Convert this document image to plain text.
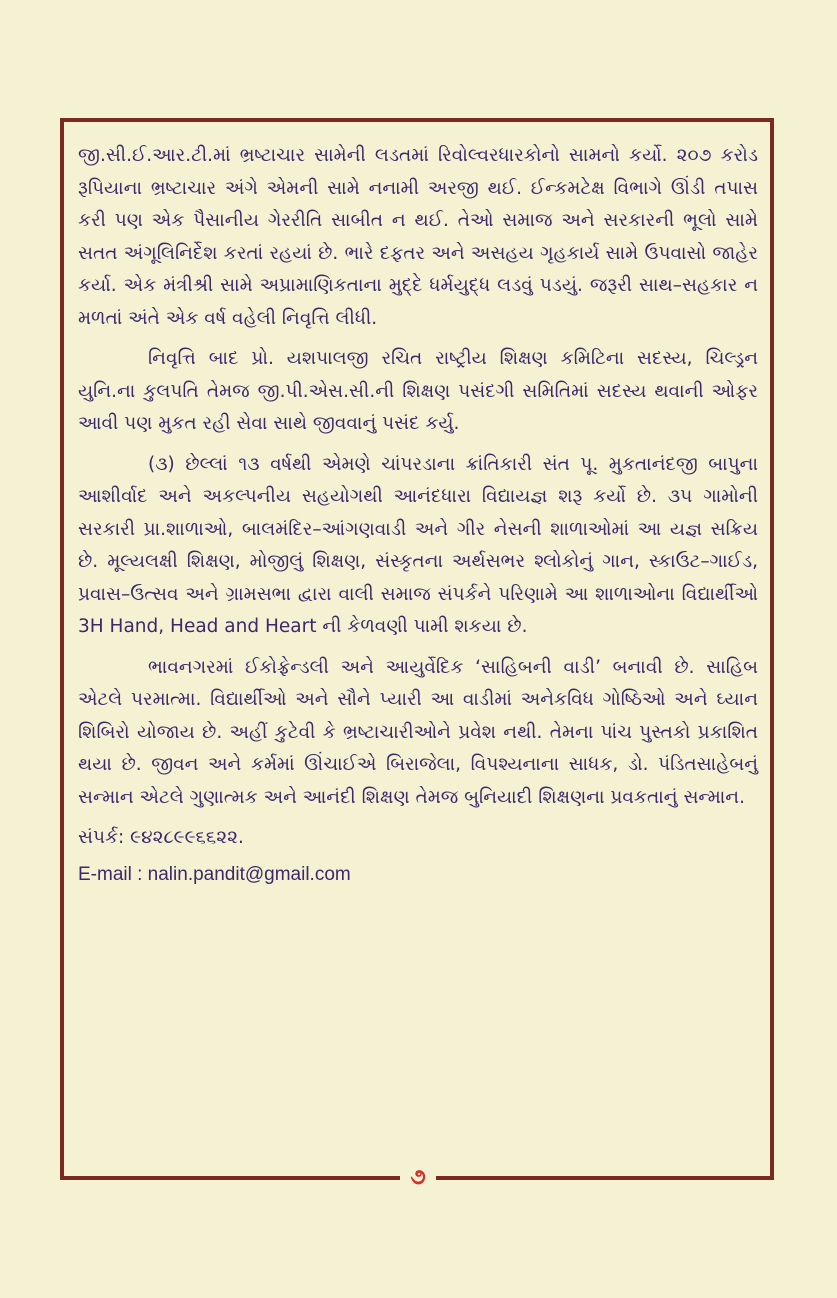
૭

જી.સી.ઈ.આર.ટી.માં ભ્રષ્ટાચાર સામેની લડતમાં રિવોલ્વરધારકોનો સામનો કર્યો. ૨૦૭ કરોડ રૂપિયાના ભ્રષ્ટાચાર અંગે એમની સામે નનામી અરજી થઈ. ઈન્કમટેક્ષ વિભાગે ઊંડી તપાસ કરી પણ એક પૈસાનીય ગેરરીતિ સાબીત ન થઈ. તેઓ સમાજ અને સરકારની ભૂલો સામે સતત અંગૂલિનિર્દેશ કરતાં રહયાં છે. ભારે દફતર અને અસહય ગૃહકાર્ય સામે ઉપવાસો જાહેર કર્યા. એક મંત્રીશ્રી સામે અપ્રામાણિકતાના મુદ્દે ધર્મયુદ્ધ લડવું પડયું. જરૂરી સાથ–સહકાર ન મળતાં અંતે એક વર્ષ વહેલી નિવૃત્તિ લીધી.

નિવૃત્તિ બાદ પ્રો. યશપાલજી રચિત રાષ્ટ્રીય શિક્ષણ કમિટિના સદસ્ય, ચિલ્ડ્રન યુનિ.ના કુલપતિ તેમજ જી.પી.એસ.સી.ની શિક્ષણ પસંદગી સમિતિમાં સદસ્ય થવાની ઓફર આવી પણ મુકત રહી સેવા સાથે જીવવાનું પસંદ કર્યુ.

(૩) છેલ્લાં ૧૩ વર્ષથી એમણે ચાંપરડાના ક્રાંતિકારી સંત પૂ. મુકતાનંદજી બાપુના આશીર્વાદ અને અકલ્પનીય સહયોગથી આનંદધારા વિદ્યાયજ્ઞ શરૂ કર્યો છે. ૩૫ ગામોની સરકારી પ્રા.શાળાઓ, બાલમંદિર–આંગણવાડી અને ગીર નેસની શાળાઓમાં આ યજ્ઞ સક્રિય છે. મૂલ્યલક્ષી શિક્ષણ, મોજીલું શિક્ષણ, સંસ્કૃતના અર્થસભર શ્લોકોનું ગાન, સ્કાઉટ–ગાઈડ, પ્રવાસ–ઉત્સવ અને ગ્રામસભા દ્વારા વાલી સમાજ સંપર્કને પરિણામે આ શાળાઓના વિદ્યાર્થીઓ 3H Hand, Head and Heart ની કેળવણી પામી શકયા છે.

ભાવનગરમાં ઈકોફ્રેન્ડલી અને આયુર્વેદિક ‘સાહિબની વાડી’ બનાવી છે. સાહિબ એટલે પરમાત્મા. વિદ્યાર્થીઓ અને સૌને પ્યારી આ વાડીમાં અનેકવિધ ગોષ્ઠિઓ અને ઘ્યાન શિબિરો યોજાય છે. અહીં કુટેવી કે ભ્રષ્ટાચારીઓને પ્રવેશ નથી. તેમના પાંચ પુસ્તકો પ્રકાશિત થયા છે. જીવન અને કર્મમાં ઊંચાઈએ બિરાજેલા, વિપશ્યનાના સાધક, ડો. પંડિતસાહેબનું સન્માન એટલે ગુણાત્મક અને આનંદી શિક્ષણ તેમજ બુનિયાદી શિક્ષણના પ્રવકતાનું સન્માન.

સંપર્ક: ૯૪૨૮૯૯૬૬૨૨.

E-mail : nalin.pandit@gmail.com
